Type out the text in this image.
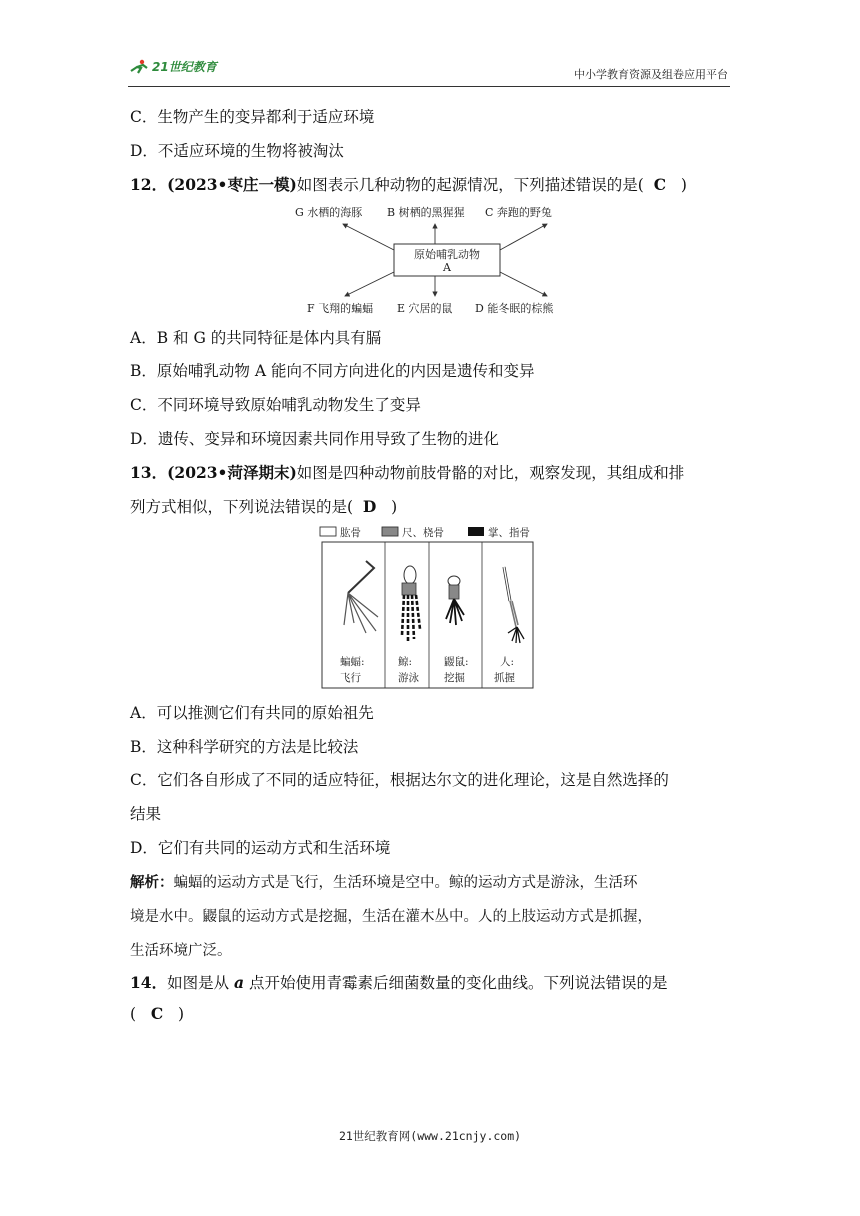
21世纪教育
中小学教育资源及组卷应用平台
C．生物产生的变异都利于适应环境
D．不适应环境的生物将被淘汰
12．(2023•枣庄一模)如图表示几种动物的起源情况，下列描述错误的是( C )
G 水栖的海豚 B 树栖的黑猩猩 C 奔跑的野兔
原始哺乳动物
A
F 飞翔的蝙蝠 E 穴居的鼠 D 能冬眠的棕熊
A．B 和 G 的共同特征是体内具有膈
B．原始哺乳动物 A 能向不同方向进化的内因是遗传和变异
C．不同环境导致原始哺乳动物发生了变异
D．遗传、变异和环境因素共同作用导致了生物的进化
13．(2023•菏泽期末)如图是四种动物前肢骨骼的对比，观察发现，其组成和排
列方式相似，下列说法错误的是( D )
肱骨	尺、桡骨	掌、指骨
蝙蝠:
飞行
鲸:
游泳
鼹鼠:
挖掘
人:
抓握
A．可以推测它们有共同的原始祖先
B．这种科学研究的方法是比较法
C．它们各自形成了不同的适应特征，根据达尔文的进化理论，这是自然选择的
结果
D．它们有共同的运动方式和生活环境
解析：蝙蝠的运动方式是飞行，生活环境是空中。鲸的运动方式是游泳，生活环
境是水中。鼹鼠的运动方式是挖掘，生活在灌木丛中。人的上肢运动方式是抓握，
生活环境广泛。
14．如图是从 a 点开始使用青霉素后细菌数量的变化曲线。下列说法错误的是
( C )
21世纪教育网(www.21cnjy.com)
